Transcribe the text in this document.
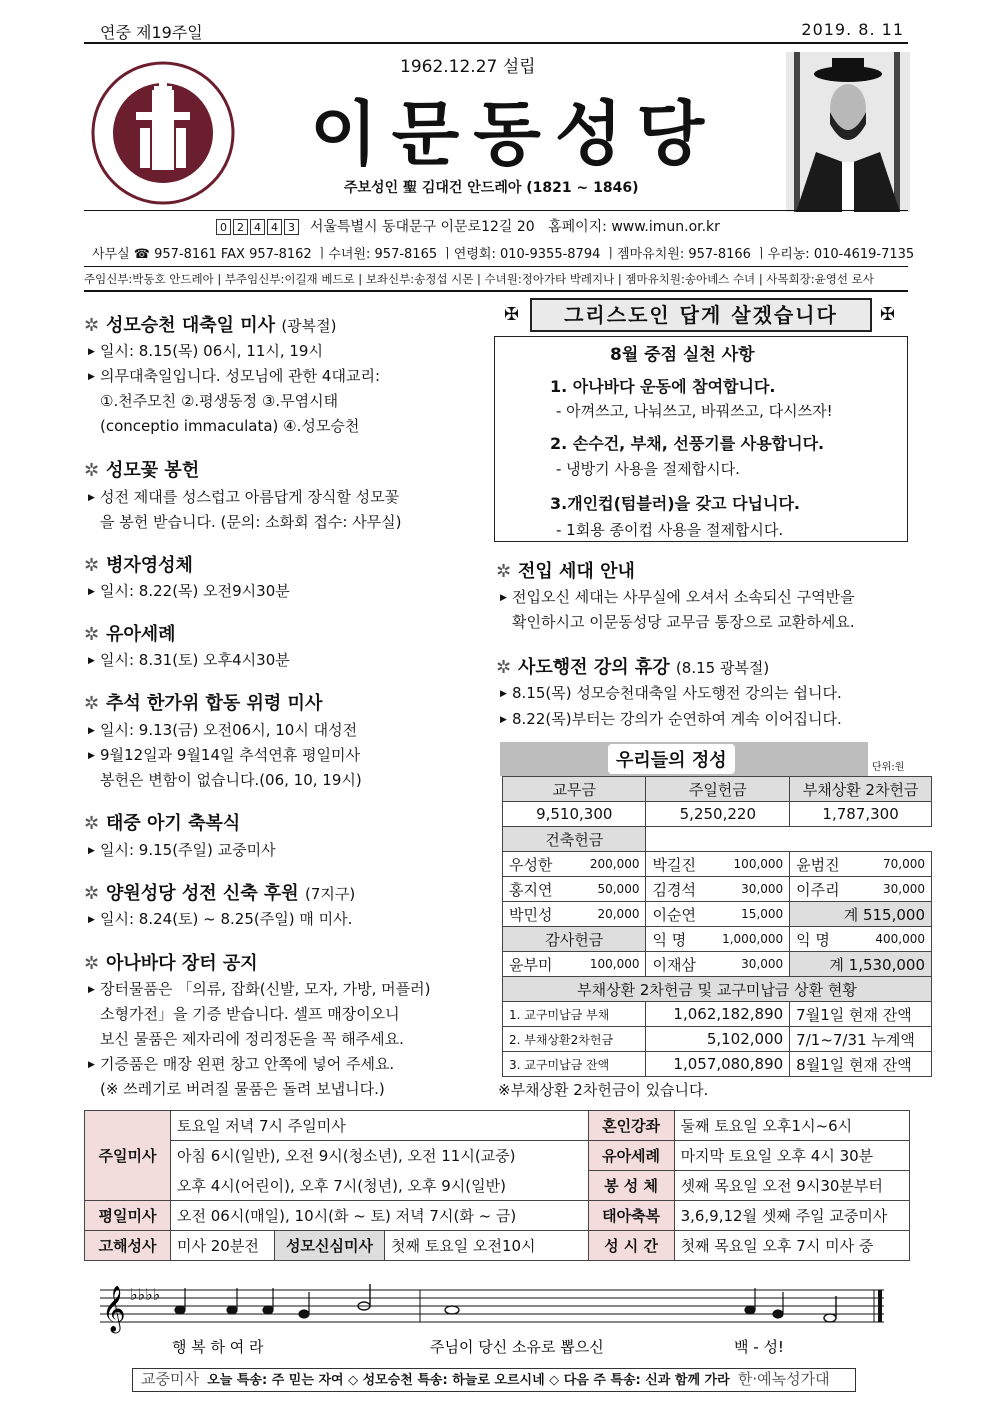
연중 제19주일	2019. 8. 11
1962.12.27 설립
이문동성당
주보성인 聖 김대건 안드레아 (1821 ~ 1846)
0 2 4 4 3 서울특별시 동대문구 이문로12길 20 홈페이지: www.imun.or.kr
사무실 ☎ 957-8161 FAX 957-8162 ㅣ수녀원: 957-8165 ㅣ연령회: 010-9355-8794 ㅣ젬마유치원: 957-8166 ㅣ우리농: 010-4619-7135
주임신부:박동호 안드레아 | 부주임신부:이길재 베드로 | 보좌신부:송정섭 시몬 | 수녀원:정아가타 박레지나 | 젬마유치원:송아녜스 수녀 | 사목회장:윤영선 로사
✲ 성모승천 대축일 미사 (광복절)
▶ 일시: 8.15(목) 06시, 11시, 19시
▶ 의무대축일입니다. 성모님에 관한 4대교리:
①.천주모친 ②.평생동정 ③.무염시태
(conceptio immaculata) ④.성모승천
✲ 성모꽃 봉헌
▶ 성전 제대를 성스럽고 아름답게 장식할 성모꽃
을 봉헌 받습니다. (문의: 소화회 접수: 사무실)
✲ 병자영성체
▶ 일시: 8.22(목) 오전9시30분
✲ 유아세례
▶ 일시: 8.31(토) 오후4시30분
✲ 추석 한가위 합동 위령 미사
▶ 일시: 9.13(금) 오전06시, 10시 대성전
▶ 9월12일과 9월14일 추석연휴 평일미사
봉헌은 변함이 없습니다.(06, 10, 19시)
✲ 태중 아기 축복식
▶ 일시: 9.15(주일) 교중미사
✲ 양원성당 성전 신축 후원 (7지구)
▶ 일시: 8.24(토) ~ 8.25(주일) 매 미사.
✲ 아나바다 장터 공지
▶ 장터물품은 「의류, 잡화(신발, 모자, 가방, 머플러)
소형가전」을 기증 받습니다. 셀프 매장이오니
보신 물품은 제자리에 정리정돈을 꼭 해주세요.
▶ 기증품은 매장 왼편 창고 안쪽에 넣어 주세요.
(※ 쓰레기로 버려질 물품은 돌려 보냅니다.)
✠	그리스도인 답게 살겠습니다	✠
8월 중점 실천 사항
1. 아나바다 운동에 참여합니다.
- 아껴쓰고, 나눠쓰고, 바꿔쓰고, 다시쓰자!
2. 손수건, 부채, 선풍기를 사용합니다.
- 냉방기 사용을 절제합시다.
3.개인컵(텀블러)을 갖고 다닙니다.
- 1회용 종이컵 사용을 절제합시다.
✲ 전입 세대 안내
▶ 전입오신 세대는 사무실에 오셔서 소속되신 구역반을
확인하시고 이문동성당 교무금 통장으로 교환하세요.
✲ 사도행전 강의 휴강 (8.15 광복절)
▶ 8.15(목) 성모승천대축일 사도행전 강의는 쉽니다.
▶ 8.22(목)부터는 강의가 순연하여 계속 이어집니다.
우리들의 정성	단위:원
교무금		주일헌금		부채상환 2차헌금	
9,510,300		5,250,220		1,787,300	
건축헌금					
우성한	200,000	박길진	100,000	윤범진	70,000
홍지연	50,000	김경석	30,000	이주리	30,000
박민성	20,000	이순연	15,000	계 515,000	
감사헌금		익 명	1,000,000	익 명	400,000
윤부미	100,000	이재삼	30,000	계 1,530,000	
부채상환 2차헌금 및 교구미납금 상환 현황					
1. 교구미납금 부채		1,062,182,890		7월1일 현재 잔액	
2. 부채상환2차헌금		5,102,000		7/1~7/31 누계액	
3. 교구미납금 잔액		1,057,080,890		8월1일 현재 잔액	
※부채상환 2차헌금이 있습니다.
주일미사	토요일 저녁 7시 주일미사			혼인강좌	둘째 토요일 오후1시~6시
	아침 6시(일반), 오전 9시(청소년), 오전 11시(교중)			유아세례	마지막 토요일 오후 4시 30분
	오후 4시(어린이), 오후 7시(청년), 오후 9시(일반)			봉 성 체	셋째 목요일 오전 9시30분부터
평일미사	오전 06시(매일), 10시(화 ~ 토) 저녁 7시(화 ~ 금)			태아축복	3,6,9,12월 셋째 주일 교중미사
고해성사	미사 20분전	성모신심미사	첫째 토요일 오전10시	성 시 간	첫째 목요일 오후 7시 미사 중
𝄞 ♭♭♭♭
행 복 하 여 라	주님이 당신 소유로 뽑으신	백 - 성!
교중미사 오늘 특송: 주 믿는 자여 ◇ 성모승천 특송: 하늘로 오르시네 ◇ 다음 주 특송: 신과 함께 가라 한·예녹성가대
